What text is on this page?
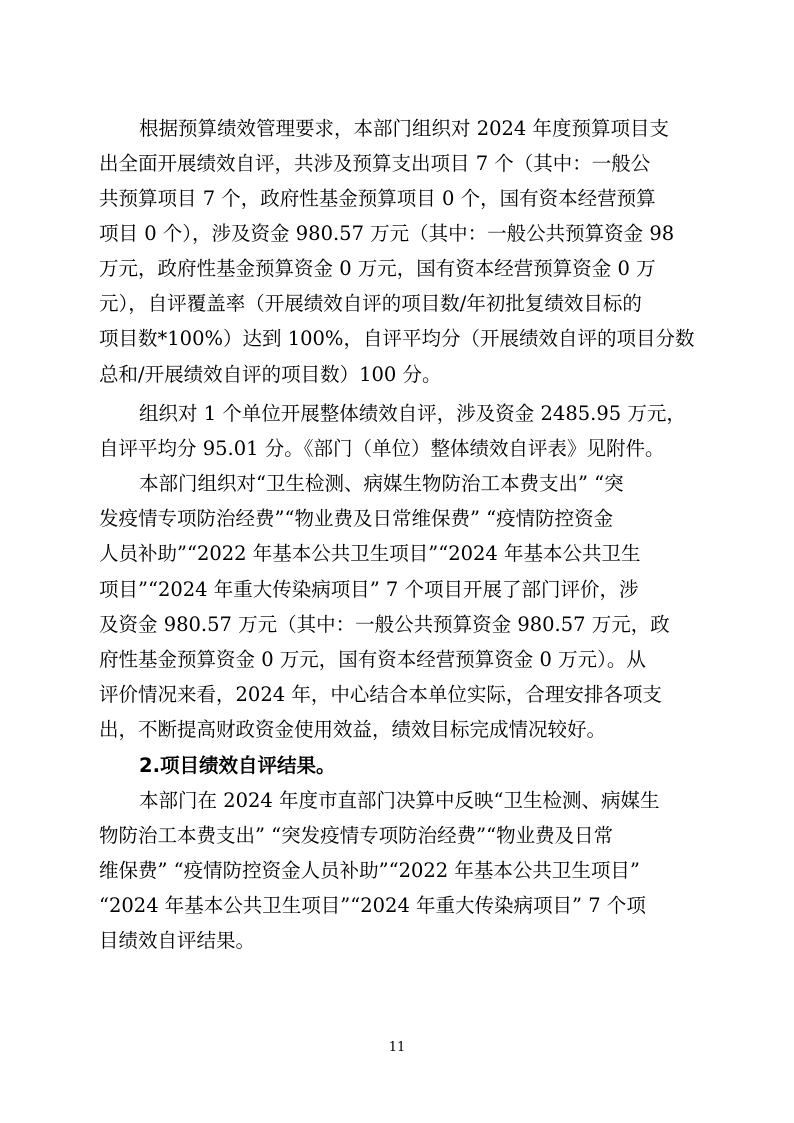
根据预算绩效管理要求，本部门组织对 2024 年度预算项目支

出全面开展绩效自评，共涉及预算支出项目 7 个（其中：一般公

共预算项目 7 个，政府性基金预算项目 0 个，国有资本经营预算

项目 0 个），涉及资金 980.57 万元（其中：一般公共预算资金 98

万元，政府性基金预算资金 0 万元，国有资本经营预算资金 0 万

元），自评覆盖率（开展绩效自评的项目数/年初批复绩效目标的

项目数*100%）达到 100%，自评平均分（开展绩效自评的项目分数

总和/开展绩效自评的项目数）100 分。

组织对 1 个单位开展整体绩效自评，涉及资金 2485.95 万元，

自评平均分 95.01 分。《部门（单位）整体绩效自评表》见附件。

本部门组织对“卫生检测、病媒生物防治工本费支出” “突

发疫情专项防治经费”“物业费及日常维保费” “疫情防控资金

人员补助”“2022 年基本公共卫生项目”“2024 年基本公共卫生

项目”“2024 年重大传染病项目” 7 个项目开展了部门评价，涉

及资金 980.57 万元（其中：一般公共预算资金 980.57 万元，政

府性基金预算资金 0 万元，国有资本经营预算资金 0 万元）。从

评价情况来看，2024 年，中心结合本单位实际，合理安排各项支

出，不断提高财政资金使用效益，绩效目标完成情况较好。

2.项目绩效自评结果。

本部门在 2024 年度市直部门决算中反映“卫生检测、病媒生

物防治工本费支出” “突发疫情专项防治经费”“物业费及日常

维保费” “疫情防控资金人员补助”“2022 年基本公共卫生项目”

“2024 年基本公共卫生项目”“2024 年重大传染病项目” 7 个项

目绩效自评结果。

11
